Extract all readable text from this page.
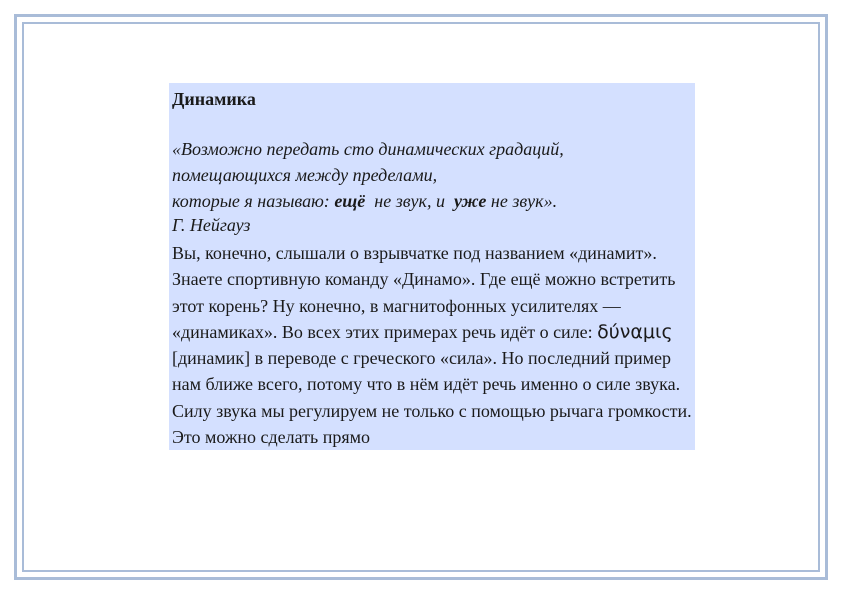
Динамика
«Возможно передать сто динамических градаций,
помещающихся между пределами,
которые я называю: ещё  не звук, и  уже не звук».
Г. Нейгауз

Вы, конечно, слышали о взрывчатке под названием «динамит». Знаете спортивную команду «Динамо». Где ещё можно встретить этот корень? Ну конечно, в магнитофонных усилителях — «динамиках». Во всех этих примерах речь идёт о силе: δύναμις [динамик] в переводе с греческого «сила». Но последний пример нам ближе всего, потому что в нём идёт речь именно о силе звука. Силу звука мы регулируем не только с помощью рычага громкости. Это можно сделать прямо
